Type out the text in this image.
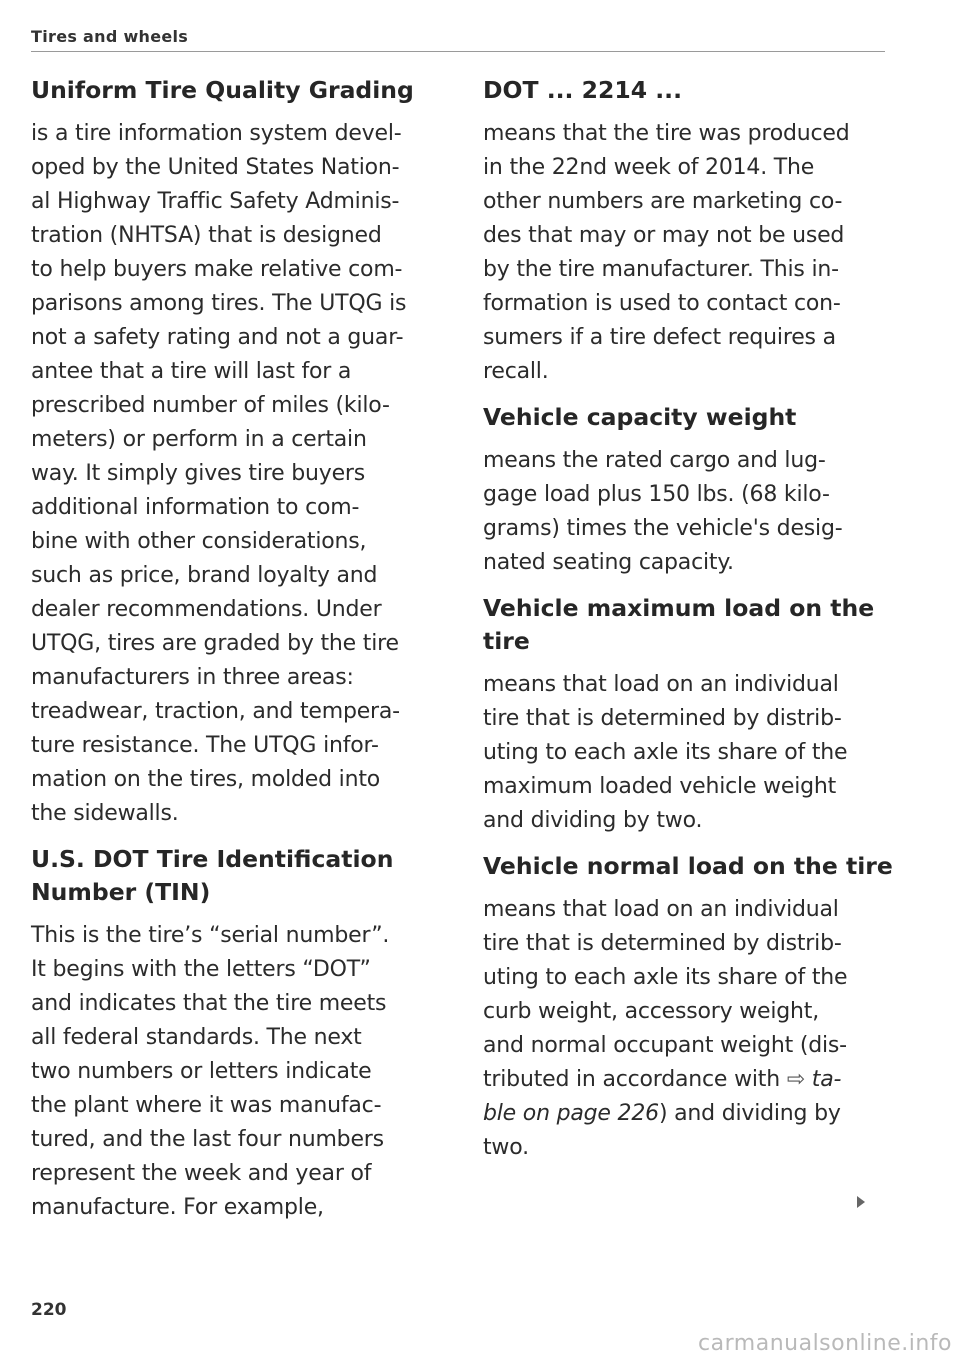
Tires and wheels
Uniform Tire Quality Grading

is a tire information system devel-
oped by the United States Nation-
al Highway Traffic Safety Adminis-
tration (NHTSA) that is designed
to help buyers make relative com-
parisons among tires. The UTQG is
not a safety rating and not a guar-
antee that a tire will last for a
prescribed number of miles (kilo-
meters) or perform in a certain
way. It simply gives tire buyers
additional information to com-
bine with other considerations,
such as price, brand loyalty and
dealer recommendations. Under
UTQG, tires are graded by the tire
manufacturers in three areas:
treadwear, traction, and tempera-
ture resistance. The UTQG infor-
mation on the tires, molded into
the sidewalls.

U.S. DOT Tire Identification
Number (TIN)

This is the tire’s “serial number”.
It begins with the letters “DOT”
and indicates that the tire meets
all federal standards. The next
two numbers or letters indicate
the plant where it was manufac-
tured, and the last four numbers
represent the week and year of
manufacture. For example,

DOT ... 2214 ...

means that the tire was produced
in the 22nd week of 2014. The
other numbers are marketing co-
des that may or may not be used
by the tire manufacturer. This in-
formation is used to contact con-
sumers if a tire defect requires a
recall.

Vehicle capacity weight

means the rated cargo and lug-
gage load plus 150 lbs. (68 kilo-
grams) times the vehicle's desig-
nated seating capacity.

Vehicle maximum load on the
tire

means that load on an individual
tire that is determined by distrib-
uting to each axle its share of the
maximum loaded vehicle weight
and dividing by two.

Vehicle normal load on the tire

means that load on an individual
tire that is determined by distrib-
uting to each axle its share of the
curb weight, accessory weight,
and normal occupant weight (dis-
tributed in accordance with ⇨ ta-
ble on page 226) and dividing by
two.

220
carmanualsonline.info
